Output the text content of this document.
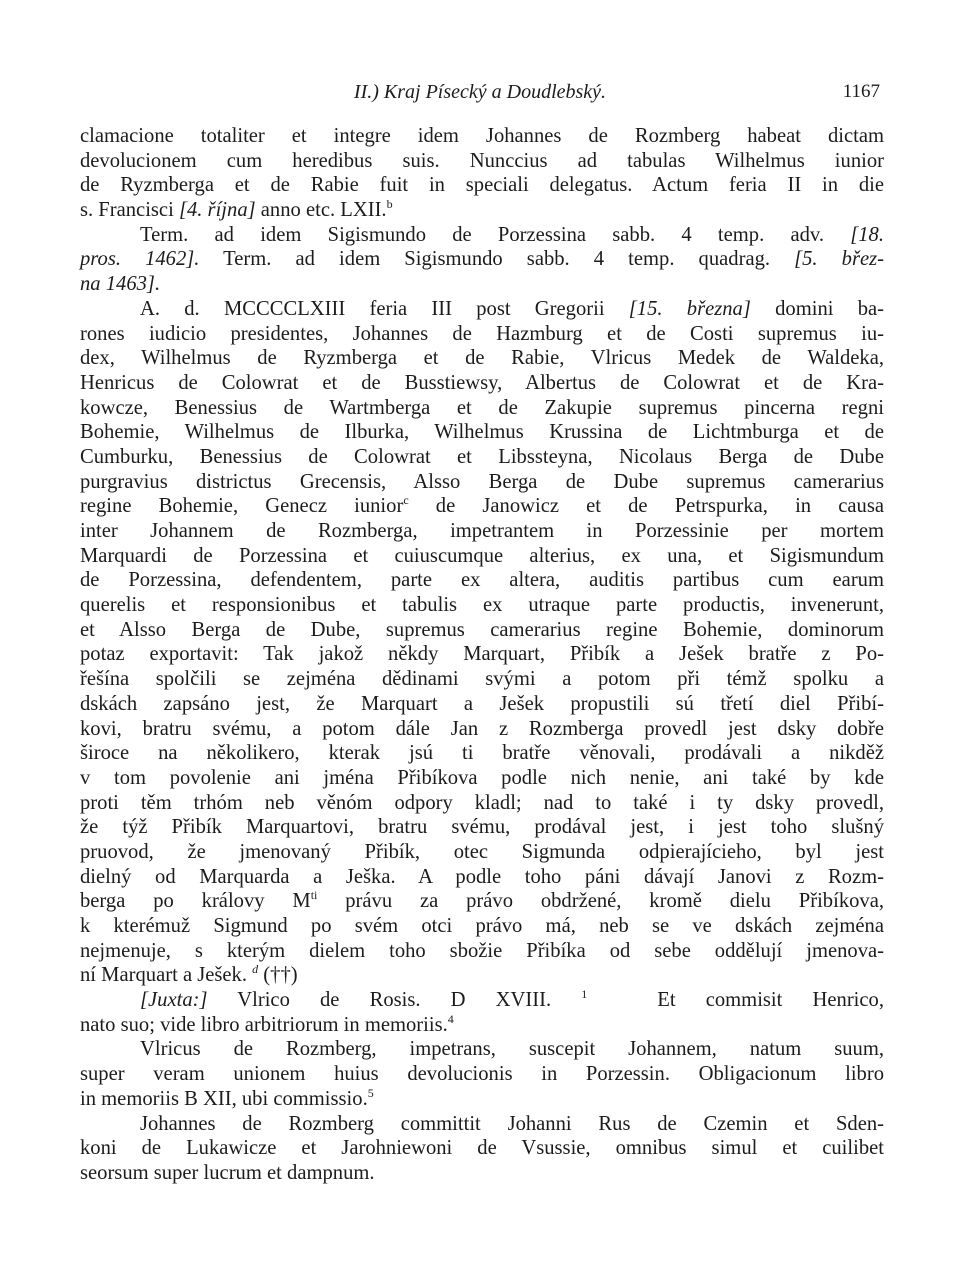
II.) Kraj Písecký a Doudlebský.	1167
clamacione totaliter et integre idem Johannes de Rozmberg habeat dictam
devolucionem cum heredibus suis. Nunccius ad tabulas Wilhelmus iunior
de Ryzmberga et de Rabie fuit in speciali delegatus. Actum feria II in die
s. Francisci [4. října] anno etc. LXII.$^b$
Term. ad idem Sigismundo de Porzessina sabb. 4 temp. adv. [18.
pros. 1462]. Term. ad idem Sigismundo sabb. 4 temp. quadrag. [5. břez-
na 1463].
A. d. MCCCCLXIII feria III post Gregorii [15. března] domini ba-
rones iudicio presidentes, Johannes de Hazmburg et de Costi supremus iu-
dex, Wilhelmus de Ryzmberga et de Rabie, Vlricus Medek de Waldeka,
Henricus de Colowrat et de Busstiewsy, Albertus de Colowrat et de Kra-
kowcze, Benessius de Wartmberga et de Zakupie supremus pincerna regni
Bohemie, Wilhelmus de Ilburka, Wilhelmus Krussina de Lichtmburga et de
Cumburku, Benessius de Colowrat et Libssteyna, Nicolaus Berga de Dube
purgravius districtus Grecensis, Alsso Berga de Dube supremus camerarius
regine Bohemie, Genecz iunior$^c$ de Janowicz et de Petrspurka, in causa
inter Johannem de Rozmberga, impetrantem in Porzessinie per mortem
Marquardi de Porzessina et cuiuscumque alterius, ex una, et Sigismundum
de Porzessina, defendentem, parte ex altera, auditis partibus cum earum
querelis et responsionibus et tabulis ex utraque parte productis, invenerunt,
et Alsso Berga de Dube, supremus camerarius regine Bohemie, dominorum
potaz exportavit: Tak jakož někdy Marquart, Přibík a Ješek bratře z Po-
řešína spolčili se zejména dědinami svými a potom při témž spolku a
dskách zapsáno jest, že Marquart a Ješek propustili sú třetí diel Přibí-
kovi, bratru svému, a potom dále Jan z Rozmberga provedl jest dsky dobře
široce na několikero, kterak jsú ti bratře věnovali, prodávali a nikděž
v tom povolenie ani jména Přibíkova podle nich nenie, ani také by kde
proti těm trhóm neb věnóm odpory kladl; nad to také i ty dsky provedl,
že týž Přibík Marquartovi, bratru svému, prodával jest, i jest toho slušný
pruovod, že jmenovaný Přibík, otec Sigmunda odpierajícieho, byl jest
dielný od Marquarda a Ješka. A podle toho páni dávají Janovi z Rozm-
berga po královy $M^{ti}$ právu za právo obdržené, kromě dielu Přibíkova,
k kterémuž Sigmund po svém otci právo má, neb se ve dskách zejména
nejmenuje, s kterým dielem toho sbožie Přibíka od sebe oddělují jmenova-
ní Marquart a Ješek. $^d$ (††)
[Juxta:] Vlrico de Rosis. D XVIII. $^1$	Et commisit Henrico,
nato suo; vide libro arbitriorum in memoriis.$^4$
Vlricus de Rozmberg, impetrans, suscepit Johannem, natum suum,
super veram unionem huius devolucionis in Porzessin. Obligacionum libro
in memoriis B XII, ubi commissio.$^5$
Johannes de Rozmberg committit Johanni Rus de Czemin et Sden-
koni de Lukawicze et Jarohniewoni de Vsussie, omnibus simul et cuilibet
seorsum super lucrum et dampnum.
